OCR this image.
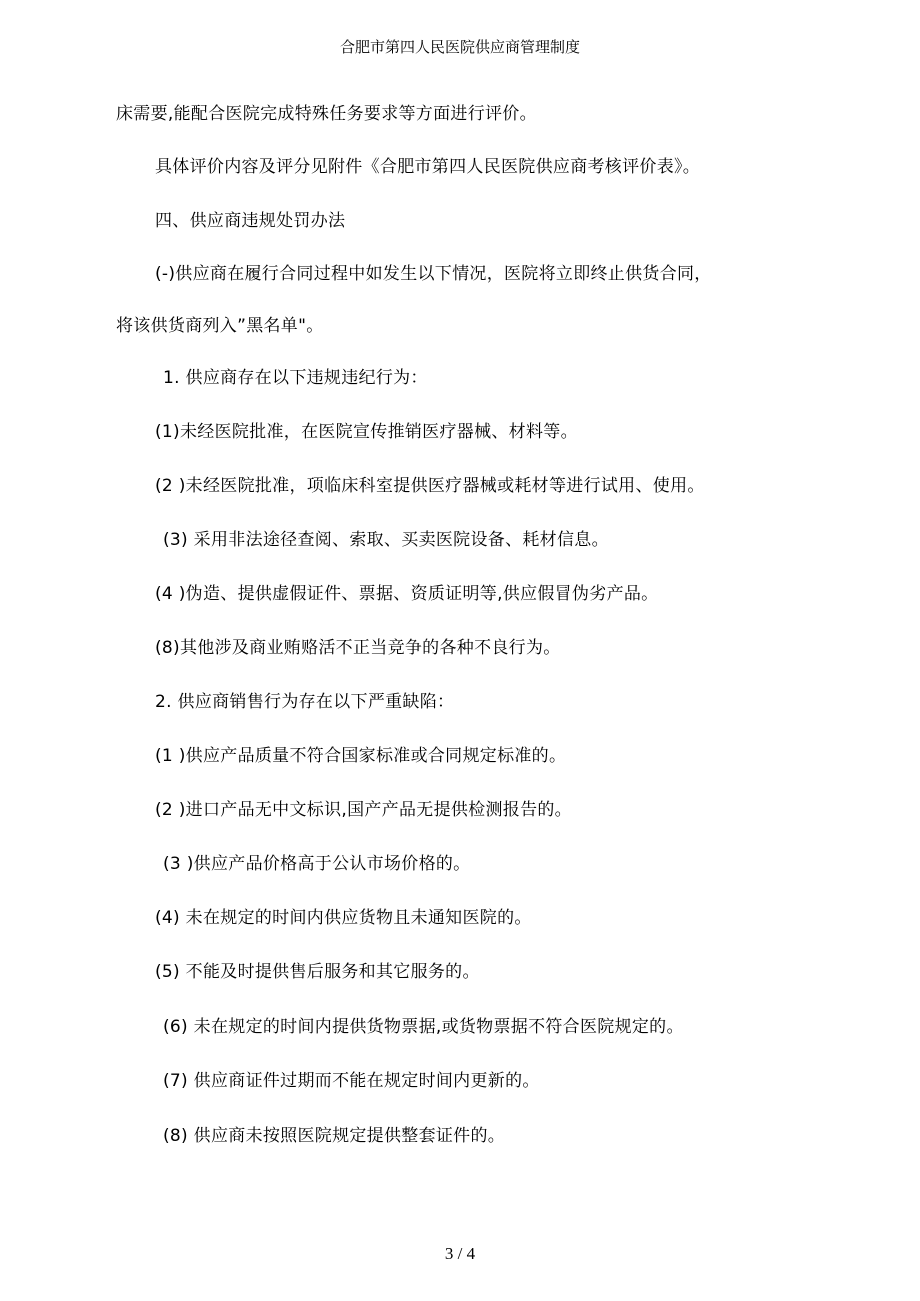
合肥市第四人民医院供应商管理制度
床需要,能配合医院完成特殊任务要求等方面进行评价。
具体评价内容及评分见附件《合肥市第四人民医院供应商考核评价表》。
四、供应商违规处罚办法
(-)供应商在履行合同过程中如发生以下情况，医院将立即终止供货合同，
将该供货商列入”黑名单"。
1. 供应商存在以下违规违纪行为：
(1)未经医院批准，在医院宣传推销医疗器械、材料等。
(2 )未经医院批准，项临床科室提供医疗器械或耗材等进行试用、使用。
(3) 采用非法途径查阅、索取、买卖医院设备、耗材信息。
(4 )伪造、提供虚假证件、票据、资质证明等,供应假冒伪劣产品。
(8)其他涉及商业贿赂活不正当竞争的各种不良行为。
2. 供应商销售行为存在以下严重缺陷：
(1 )供应产品质量不符合国家标准或合同规定标准的。
(2 )进口产品无中文标识,国产产品无提供检测报告的。
(3 )供应产品价格高于公认市场价格的。
(4) 未在规定的时间内供应货物且未通知医院的。
(5) 不能及时提供售后服务和其它服务的。
(6) 未在规定的时间内提供货物票据,或货物票据不符合医院规定的。
(7) 供应商证件过期而不能在规定时间内更新的。
(8) 供应商未按照医院规定提供整套证件的。
3 / 4
